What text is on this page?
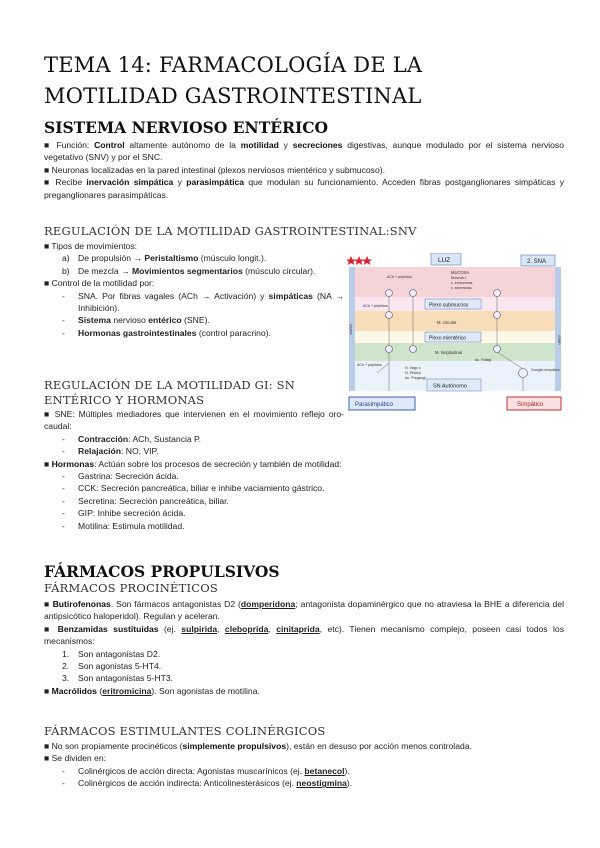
TEMA 14: FARMACOLOGÍA DE LA

MOTILIDAD GASTROINTESTINAL

SISTEMA NERVIOSO ENTÉRICO

■ Función: Control altamente autónomo de la motilidad y secreciones digestivas, aunque modulado por el sistema nervioso vegetativo (SNV) y por el SNC.

■ Neuronas localizadas en la pared intestinal (plexos nerviosos mientérico y submucoso).

■ Recibe inervación simpática y parasimpática que modulan su funcionamiento. Acceden fibras postganglionares simpáticas y preganglionares parasimpáticas.

REGULACIÓN DE LA MOTILIDAD GASTROINTESTINAL:SNV

■ Tipos de movimientos:

a) De propulsión → Peristaltismo (músculo longit.).
b) De mezcla → Movimientos segmentarios (músculo circular).

■ Control de la motilidad por:

-	SNA. Por fibras vagales (ACh → Activación) y simpáticas (NA → Inhibición).
-	Sistema nervioso entérico (SNE).
-	Hormonas gastrointestinales (control paracrino).

REGULACIÓN DE LA MOTILIDAD GI: SN

ENTÉRICO Y HORMONAS

■ SNE: Múltiples mediadores que intervienen en el movimiento reflejo oro-caudal:

-	Contracción: ACh, Sustancia P.
-	Relajación: NO, VIP.

■ Hormonas: Actúan sobre los procesos de secreción y también de motilidad:

-	Gastrina: Secreción ácida.
-	CCK: Secreción pancreática, biliar e inhibe vaciamiento gástrico.
-	Secretina: Secreción pancreática, biliar.
-	GIP: Inhibe secreción ácida.
-	Motilina: Estimula motilidad.

FÁRMACOS PROPULSIVOS

FÁRMACOS PROCINÉTICOS

■ Butirofenonas. Son fármacos antagonistas D2 (domperidona; antagonista dopaminérgico que no atraviesa la BHE a diferencia del antipsicótico haloperidol). Regulan y aceleran.

■ Benzamidas sustituidas (ej. sulpirida, cleboprida, cinitaprida, etc). Tienen mecanismo complejo, poseen casi todos los mecanismos:

1.	Son antagonistas D2.
2.	Son agonistas 5-HT4.
3.	Son antagonistas 5-HT3.

■ Macrólidos (eritromicina). Son agonistas de motilina.

FÁRMACOS ESTIMULANTES COLINÉRGICOS

■ No son propiamente procinéticos (simplemente propulsivos), están en desuso por acción menos controlada.

■ Se dividen en:

-	Colinérgicos de acción directa: Agonistas muscarínicos (ej. betanecol).
-	Colinérgicos de acción indirecta: Anticolinesterásicos (ej. neostigmina).
VAGO
SIMP.
LUZ	2. SNA
MUCOSA
Músculo l.
c. endocrinas
c. secretoras
ACh + péptidos
ACh + péptidos	Plexo submucoso
M. circular
Plexo mientérico
M. longitudinal
ACh + péptidos
N. Vago o
N. Pélvico
Ac. Pregangl.
Ac. Postgl.
Ganglio simpático
SN Autónomo
Parasimpático	Simpático
